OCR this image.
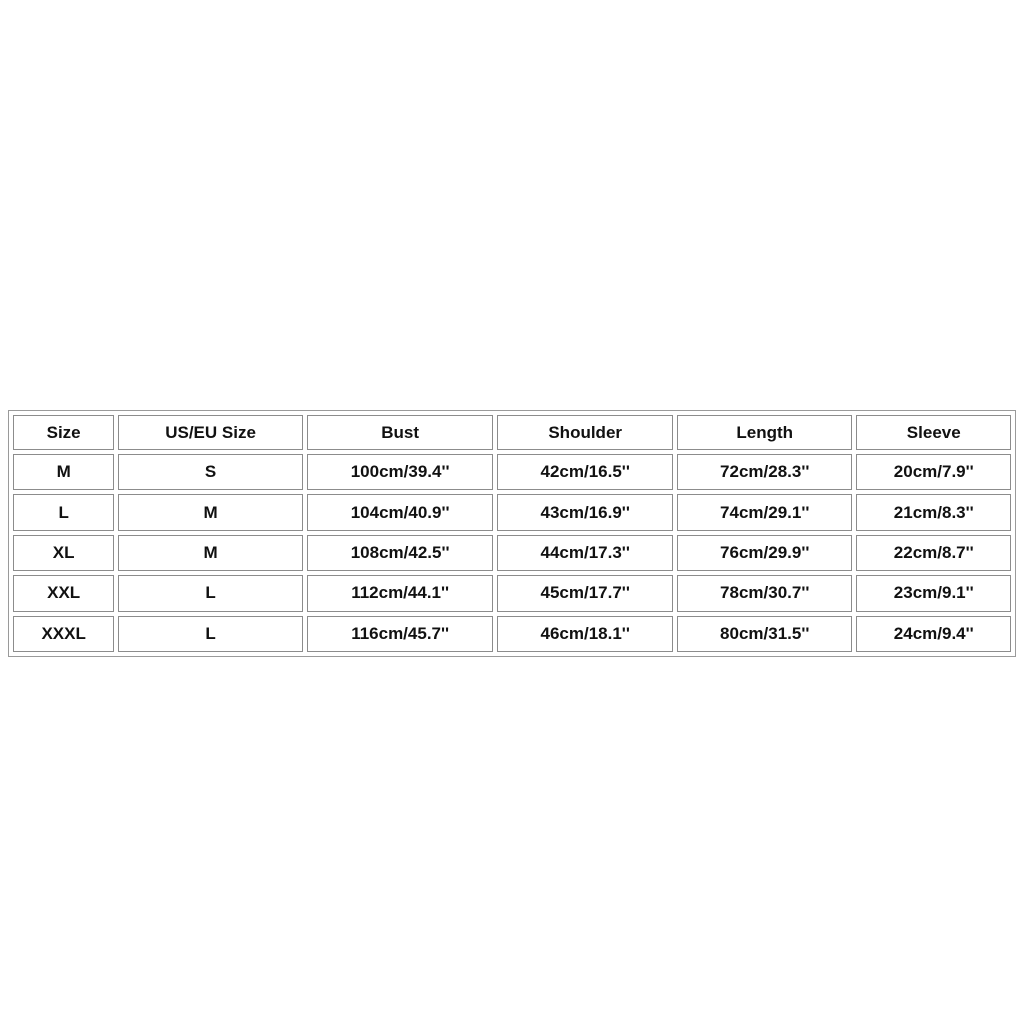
Size	US/EU Size	Bust	Shoulder	Length	Sleeve
M	S	100cm/39.4''	42cm/16.5''	72cm/28.3''	20cm/7.9''
L	M	104cm/40.9''	43cm/16.9''	74cm/29.1''	21cm/8.3''
XL	M	108cm/42.5''	44cm/17.3''	76cm/29.9''	22cm/8.7''
XXL	L	112cm/44.1''	45cm/17.7''	78cm/30.7''	23cm/9.1''
XXXL	L	116cm/45.7''	46cm/18.1''	80cm/31.5''	24cm/9.4''
